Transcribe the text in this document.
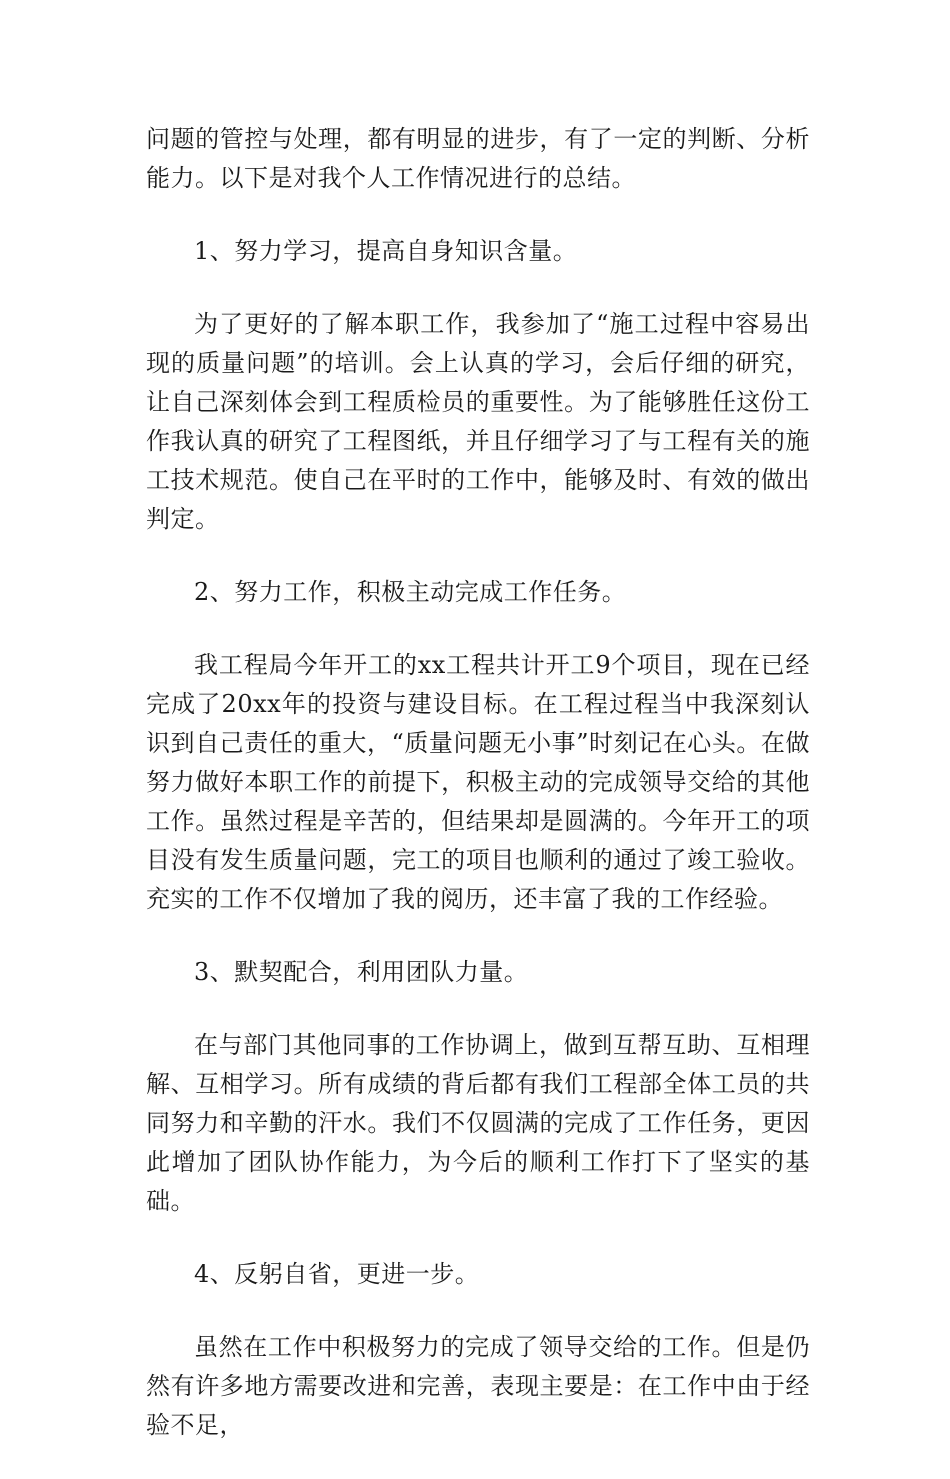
问题的管控与处理，都有明显的进步，有了一定的判断、分析能力。以下是对我个人工作情况进行的总结。

1、努力学习，提高自身知识含量。

为了更好的了解本职工作，我参加了“施工过程中容易出现的质量问题”的培训。会上认真的学习，会后仔细的研究，让自己深刻体会到工程质检员的重要性。为了能够胜任这份工作我认真的研究了工程图纸，并且仔细学习了与工程有关的施工技术规范。使自己在平时的工作中，能够及时、有效的做出判定。

2、努力工作，积极主动完成工作任务。

我工程局今年开工的xx工程共计开工9个项目，现在已经完成了20xx年的投资与建设目标。在工程过程当中我深刻认识到自己责任的重大，“质量问题无小事”时刻记在心头。在做努力做好本职工作的前提下，积极主动的完成领导交给的其他工作。虽然过程是辛苦的，但结果却是圆满的。今年开工的项目没有发生质量问题，完工的项目也顺利的通过了竣工验收。充实的工作不仅增加了我的阅历，还丰富了我的工作经验。

3、默契配合，利用团队力量。

在与部门其他同事的工作协调上，做到互帮互助、互相理解、互相学习。所有成绩的背后都有我们工程部全体工员的共同努力和辛勤的汗水。我们不仅圆满的完成了工作任务，更因此增加了团队协作能力，为今后的顺利工作打下了坚实的基础。

4、反躬自省，更进一步。

虽然在工作中积极努力的完成了领导交给的工作。但是仍然有许多地方需要改进和完善，表现主要是：在工作中由于经验不足，
